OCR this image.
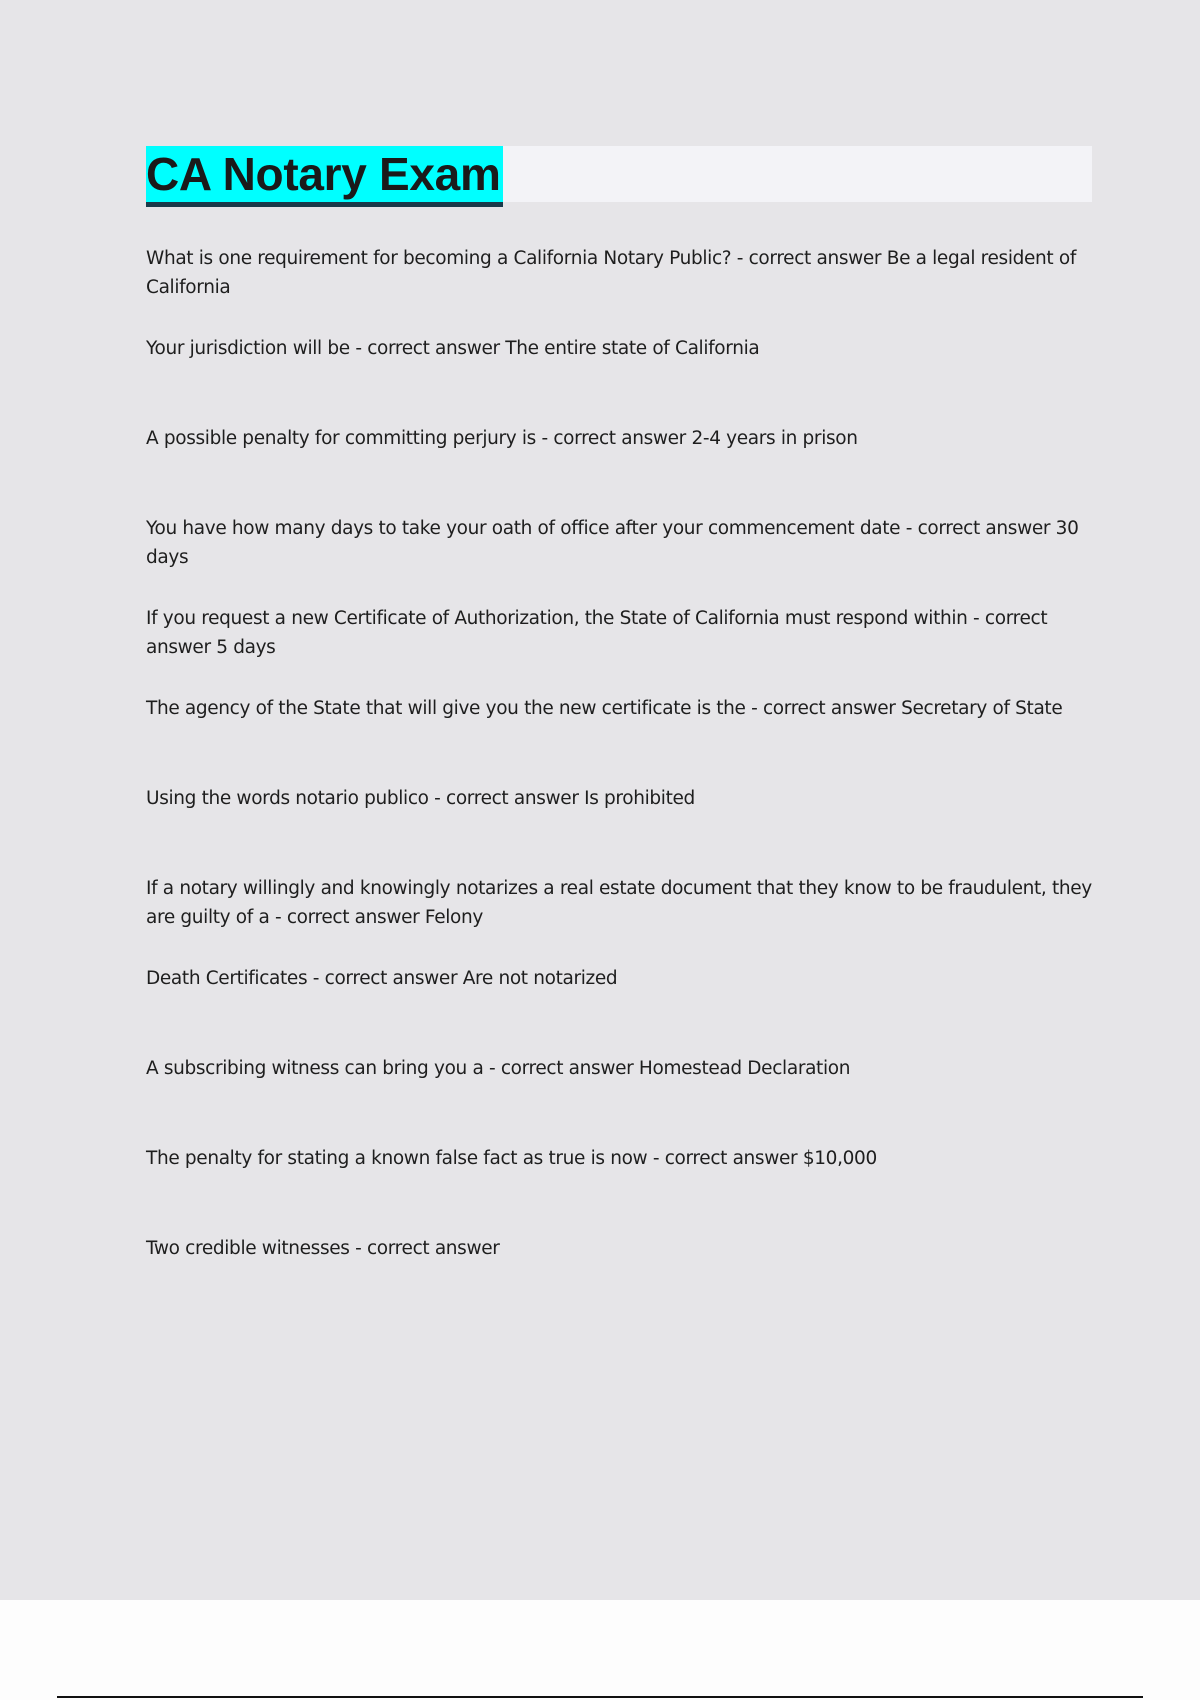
CA Notary Exam

What is one requirement for becoming a California Notary Public? - correct answer Be a legal resident of California

Your jurisdiction will be - correct answer The entire state of California

A possible penalty for committing perjury is - correct answer 2-4 years in prison

You have how many days to take your oath of office after your commencement date - correct answer 30 days

If you request a new Certificate of Authorization, the State of California must respond within - correct answer 5 days

The agency of the State that will give you the new certificate is the - correct answer Secretary of State

Using the words notario publico - correct answer Is prohibited

If a notary willingly and knowingly notarizes a real estate document that they know to be fraudulent, they are guilty of a - correct answer Felony

Death Certificates - correct answer Are not notarized

A subscribing witness can bring you a - correct answer Homestead Declaration

The penalty for stating a known false fact as true is now - correct answer $10,000

Two credible witnesses - correct answer
